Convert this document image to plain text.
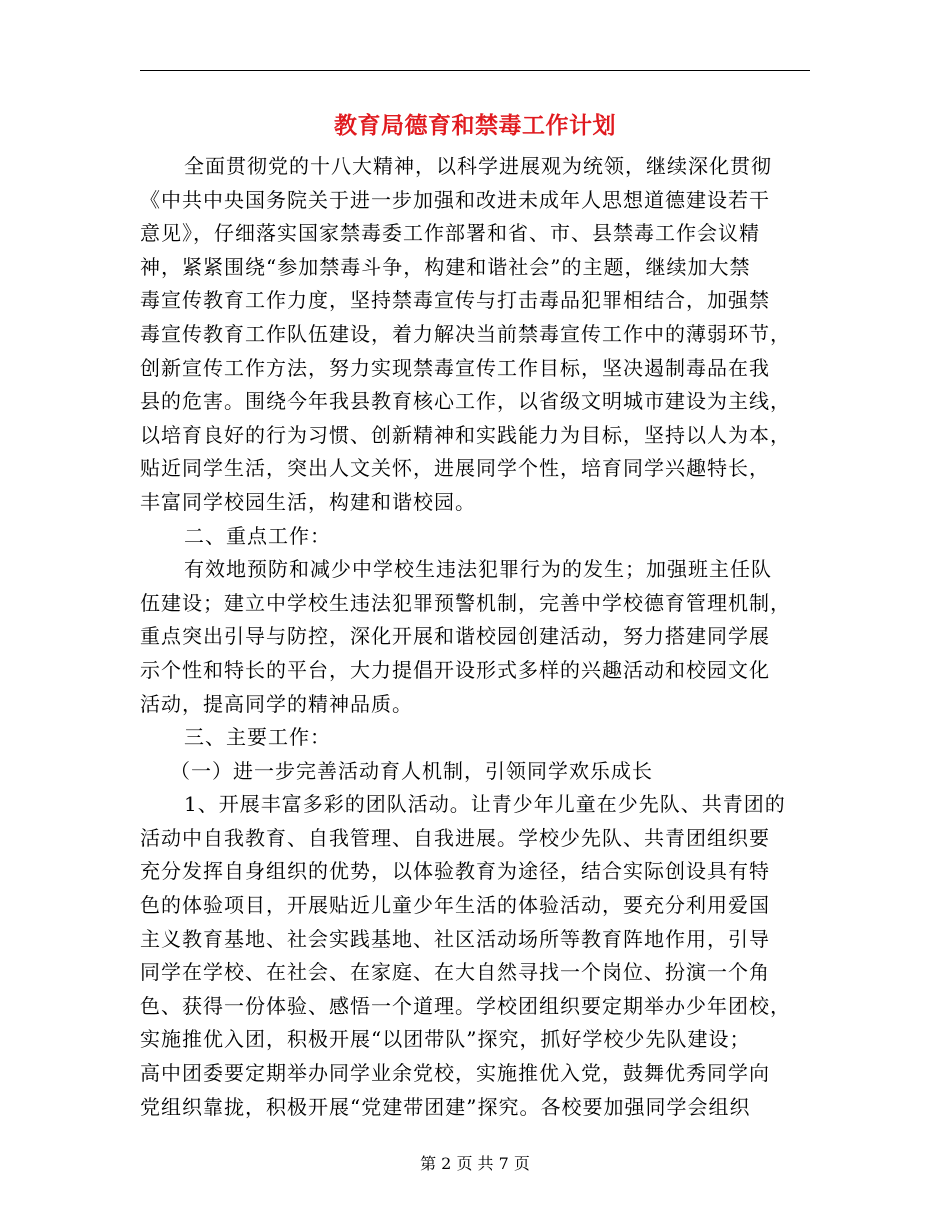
教育局德育和禁毒工作计划
全面贯彻党的十八大精神，以科学进展观为统领，继续深化贯彻
《中共中央国务院关于进一步加强和改进未成年人思想道德建设若干
意见》，仔细落实国家禁毒委工作部署和省、市、县禁毒工作会议精
神，紧紧围绕“参加禁毒斗争，构建和谐社会”的主题，继续加大禁
毒宣传教育工作力度，坚持禁毒宣传与打击毒品犯罪相结合，加强禁
毒宣传教育工作队伍建设，着力解决当前禁毒宣传工作中的薄弱环节，
创新宣传工作方法，努力实现禁毒宣传工作目标，坚决遏制毒品在我
县的危害。围绕今年我县教育核心工作，以省级文明城市建设为主线，
以培育良好的行为习惯、创新精神和实践能力为目标，坚持以人为本，
贴近同学生活，突出人文关怀，进展同学个性，培育同学兴趣特长，
丰富同学校园生活，构建和谐校园。
二、重点工作：
有效地预防和减少中学校生违法犯罪行为的发生；加强班主任队
伍建设；建立中学校生违法犯罪预警机制，完善中学校德育管理机制，
重点突出引导与防控，深化开展和谐校园创建活动，努力搭建同学展
示个性和特长的平台，大力提倡开设形式多样的兴趣活动和校园文化
活动，提高同学的精神品质。
三、主要工作：
（一）进一步完善活动育人机制，引领同学欢乐成长
1、开展丰富多彩的团队活动。让青少年儿童在少先队、共青团的
活动中自我教育、自我管理、自我进展。学校少先队、共青团组织要
充分发挥自身组织的优势，以体验教育为途径，结合实际创设具有特
色的体验项目，开展贴近儿童少年生活的体验活动，要充分利用爱国
主义教育基地、社会实践基地、社区活动场所等教育阵地作用，引导
同学在学校、在社会、在家庭、在大自然寻找一个岗位、扮演一个角
色、获得一份体验、感悟一个道理。学校团组织要定期举办少年团校，
实施推优入团，积极开展“以团带队”探究，抓好学校少先队建设；
高中团委要定期举办同学业余党校，实施推优入党，鼓舞优秀同学向
党组织靠拢，积极开展“党建带团建”探究。各校要加强同学会组织
第 2 页 共 7 页
